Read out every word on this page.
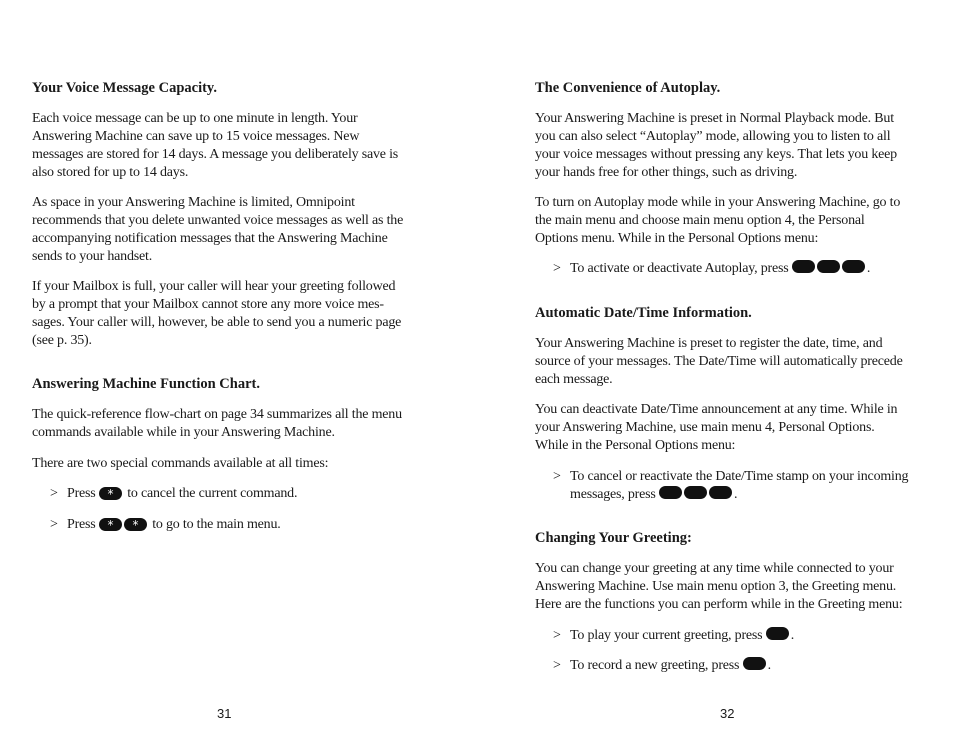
Your Voice Message Capacity.
Each voice message can be up to one minute in length. Your
Answering Machine can save up to 15 voice messages. New
messages are stored for 14 days. A message you deliberately save is
also stored for up to 14 days.
As space in your Answering Machine is limited, Omnipoint
recommends that you delete unwanted voice messages as well as the
accompanying notification messages that the Answering Machine
sends to your handset.
If your Mailbox is full, your caller will hear your greeting followed
by a prompt that your Mailbox cannot store any more voice mes-
sages. Your caller will, however, be able to send you a numeric page
(see p. 35).
Answering Machine Function Chart.
The quick-reference flow-chart on page 34 summarizes all the menu
commands available while in your Answering Machine.
There are two special commands available at all times:
> Press * to cancel the current command.
> Press * * to go to the main menu.
31
The Convenience of Autoplay.
Your Answering Machine is preset in Normal Playback mode. But
you can also select “Autoplay” mode, allowing you to listen to all
your voice messages without pressing any keys. That lets you keep
your hands free for other things, such as driving.
To turn on Autoplay mode while in your Answering Machine, go to
the main menu and choose main menu option 4, the Personal
Options menu. While in the Personal Options menu:
> To activate or deactivate Autoplay, press	.
Automatic Date/Time Information.
Your Answering Machine is preset to register the date, time, and
source of your messages. The Date/Time will automatically precede
each message.
You can deactivate Date/Time announcement at any time. While in
your Answering Machine, use main menu 4, Personal Options.
While in the Personal Options menu:
> To cancel or reactivate the Date/Time stamp on your incoming
messages, press	.
Changing Your Greeting:
You can change your greeting at any time while connected to your
Answering Machine. Use main menu option 3, the Greeting menu.
Here are the functions you can perform while in the Greeting menu:
> To play your current greeting, press .
> To record a new greeting, press .
32
